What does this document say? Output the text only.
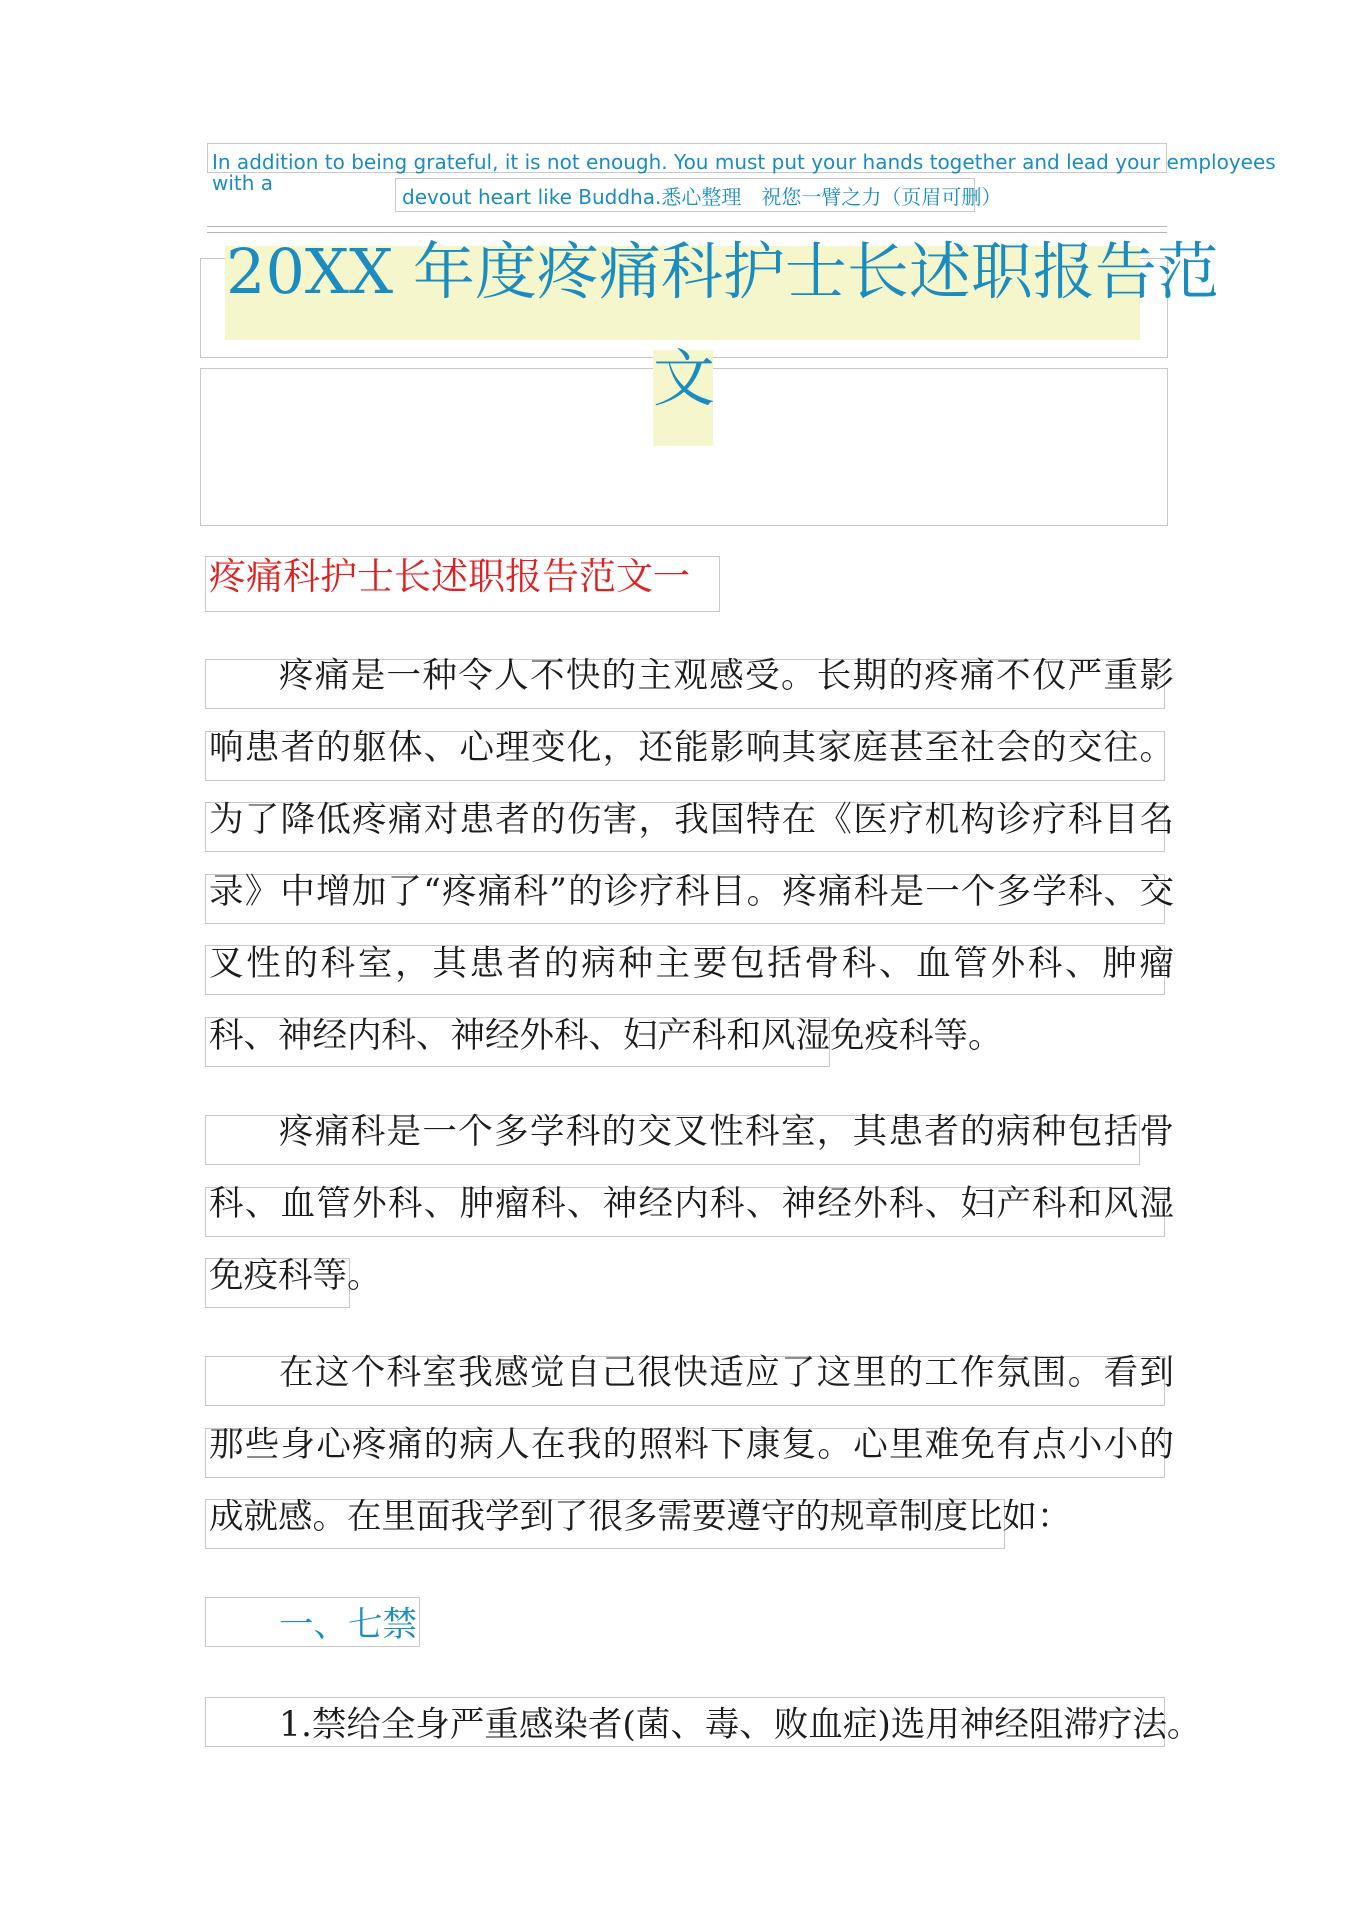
In addition to being grateful, it is not enough. You must put your hands together and lead your employees with a
devout heart like Buddha.悉心整理　祝您一臂之力（页眉可删）
20XX 年度疼痛科护士长述职报告范
文
疼痛科护士长述职报告范文一

疼痛是一种令人不快的主观感受。长期的疼痛不仅严重影响患者的躯体、心理变化，还能影响其家庭甚至社会的交往。为了降低疼痛对患者的伤害，我国特在《医疗机构诊疗科目名录》中增加了“疼痛科”的诊疗科目。疼痛科是一个多学科、交叉性的科室，其患者的病种主要包括骨科、血管外科、肿瘤科、神经内科、神经外科、妇产科和风湿免疫科等。

疼痛科是一个多学科的交叉性科室，其患者的病种包括骨科、血管外科、肿瘤科、神经内科、神经外科、妇产科和风湿免疫科等。

在这个科室我感觉自己很快适应了这里的工作氛围。看到那些身心疼痛的病人在我的照料下康复。心里难免有点小小的成就感。在里面我学到了很多需要遵守的规章制度比如：

一、七禁
1.禁给全身严重感染者(菌、毒、败血症)选用神经阻滞疗法。
